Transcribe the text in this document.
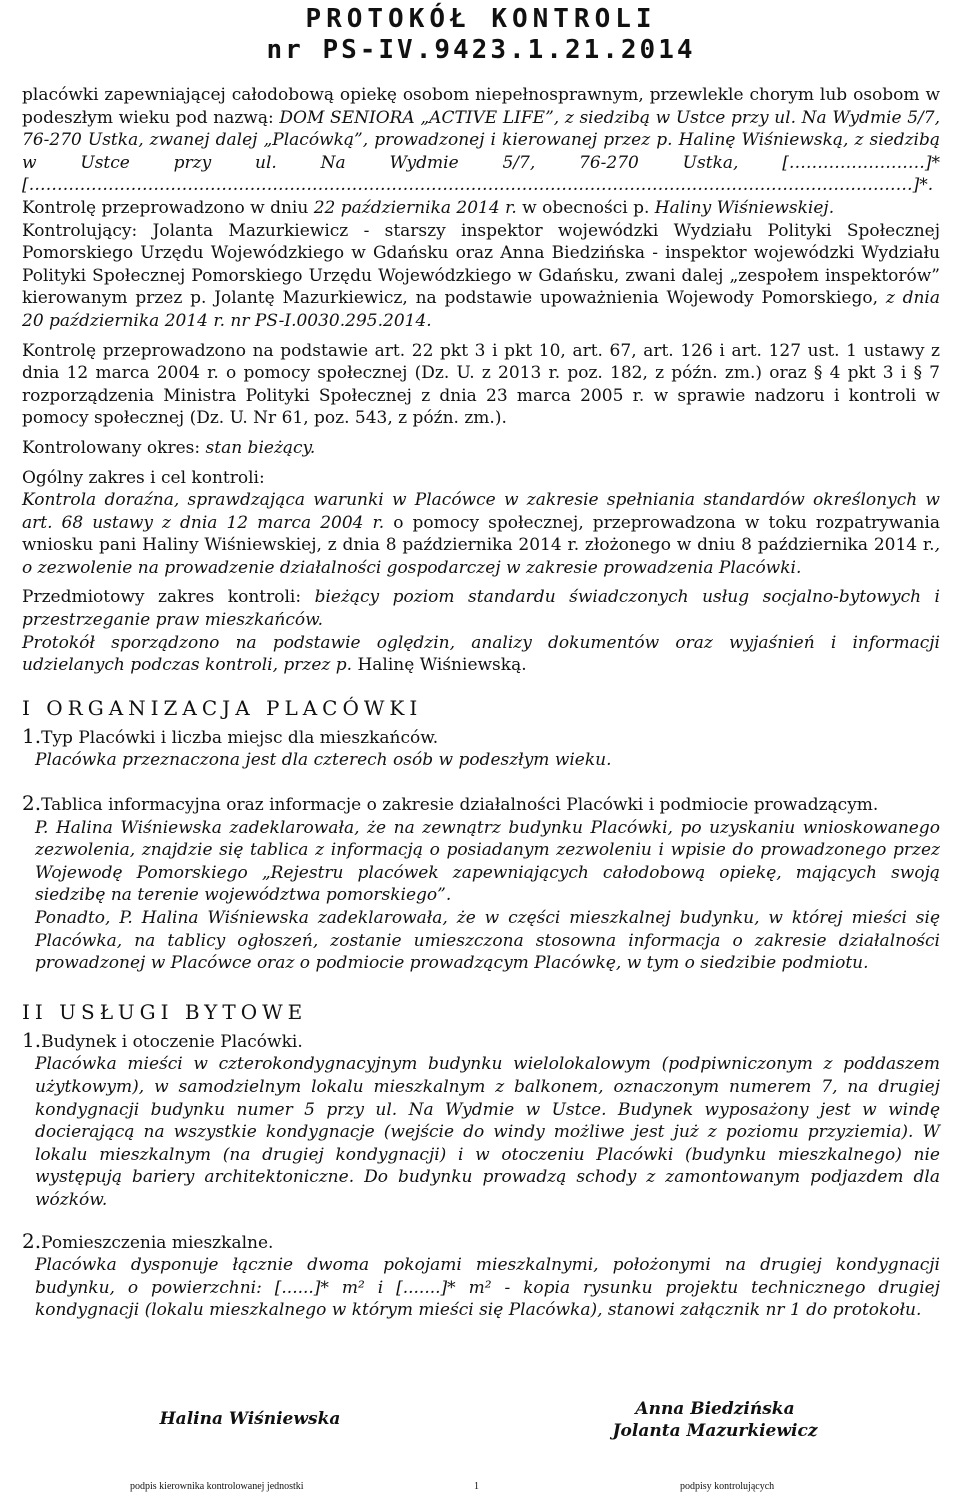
PROTOKÓŁ KONTROLI
nr PS-IV.9423.1.21.2014

placówki zapewniającej całodobową opiekę osobom niepełnosprawnym, przewlekle chorym lub osobom w podeszłym wieku pod nazwą: DOM SENIORA „ACTIVE LIFE”, z siedzibą w Ustce przy ul. Na Wydmie 5/7, 76-270 Ustka, zwanej dalej „Placówką”, prowadzonej i kierowanej przez p. Halinę Wiśniewską, z siedzibą w Ustce przy ul. Na Wydmie 5/7, 76-270 Ustka, [……………………]* […………………………………………………………………………………………………………………………………………]*.

Kontrolę przeprowadzono w dniu 22 października 2014 r. w obecności p. Haliny Wiśniewskiej.

Kontrolujący: Jolanta Mazurkiewicz - starszy inspektor wojewódzki Wydziału Polityki Społecznej Pomorskiego Urzędu Wojewódzkiego w Gdańsku oraz Anna Biedzińska - inspektor wojewódzki Wydziału Polityki Społecznej Pomorskiego Urzędu Wojewódzkiego w Gdańsku, zwani dalej „zespołem inspektorów” kierowanym przez p. Jolantę Mazurkiewicz, na podstawie upoważnienia Wojewody Pomorskiego, z dnia 20 października 2014 r. nr PS-I.0030.295.2014.

Kontrolę przeprowadzono na podstawie art. 22 pkt 3 i pkt 10, art. 67, art. 126 i art. 127 ust. 1 ustawy z dnia 12 marca 2004 r. o pomocy społecznej (Dz. U. z 2013 r. poz. 182, z późn. zm.) oraz § 4 pkt 3 i § 7 rozporządzenia Ministra Polityki Społecznej z dnia 23 marca 2005 r. w sprawie nadzoru i kontroli w pomocy społecznej (Dz. U. Nr 61, poz. 543, z późn. zm.).

Kontrolowany okres: stan bieżący.

Ogólny zakres i cel kontroli:

Kontrola doraźna, sprawdzająca warunki w Placówce w zakresie spełniania standardów określonych w art. 68 ustawy z dnia 12 marca 2004 r. o pomocy społecznej, przeprowadzona w toku rozpatrywania wniosku pani Haliny Wiśniewskiej, z dnia 8 października 2014 r. złożonego w dniu 8 października 2014 r., o zezwolenie na prowadzenie działalności gospodarczej w zakresie prowadzenia Placówki.

Przedmiotowy zakres kontroli: bieżący poziom standardu świadczonych usług socjalno-bytowych i przestrzeganie praw mieszkańców.

Protokół sporządzono na podstawie oględzin, analizy dokumentów oraz wyjaśnień i informacji udzielanych podczas kontroli, przez p. Halinę Wiśniewską.

I ORGANIZACJA PLACÓWKI
1. Typ Placówki i liczba miejsc dla mieszkańców.

Placówka przeznaczona jest dla czterech osób w podeszłym wieku.

2. Tablica informacyjna oraz informacje o zakresie działalności Placówki i podmiocie prowadzącym.

P. Halina Wiśniewska zadeklarowała, że na zewnątrz budynku Placówki, po uzyskaniu wnioskowanego zezwolenia, znajdzie się tablica z informacją o posiadanym zezwoleniu i wpisie do prowadzonego przez Wojewodę Pomorskiego „Rejestru placówek zapewniających całodobową opiekę, mających swoją siedzibę na terenie województwa pomorskiego”.

Ponadto, P. Halina Wiśniewska zadeklarowała, że w części mieszkalnej budynku, w której mieści się Placówka, na tablicy ogłoszeń, zostanie umieszczona stosowna informacja o zakresie działalności prowadzonej w Placówce oraz o podmiocie prowadzącym Placówkę, w tym o siedzibie podmiotu.

II USŁUGI BYTOWE
1. Budynek i otoczenie Placówki.

Placówka mieści w czterokondygnacyjnym budynku wielolokalowym (podpiwniczonym z poddaszem użytkowym), w samodzielnym lokalu mieszkalnym z balkonem, oznaczonym numerem 7, na drugiej kondygnacji budynku numer 5 przy ul. Na Wydmie w Ustce. Budynek wyposażony jest w windę docierającą na wszystkie kondygnacje (wejście do windy możliwe jest już z poziomu przyziemia). W lokalu mieszkalnym (na drugiej kondygnacji) i w otoczeniu Placówki (budynku mieszkalnego) nie występują bariery architektoniczne. Do budynku prowadzą schody z zamontowanym podjazdem dla wózków.

2. Pomieszczenia mieszkalne.

Placówka dysponuje łącznie dwoma pokojami mieszkalnymi, położonymi na drugiej kondygnacji budynku, o powierzchni: [......]* m² i [.......]* m² - kopia rysunku projektu technicznego drugiej kondygnacji (lokalu mieszkalnego w którym mieści się Placówka), stanowi załącznik nr 1 do protokołu.

Halina Wiśniewska	Anna Biedzińska
Jolanta Mazurkiewicz
podpis kierownika kontrolowanej jednostki	1	podpisy kontrolujących
